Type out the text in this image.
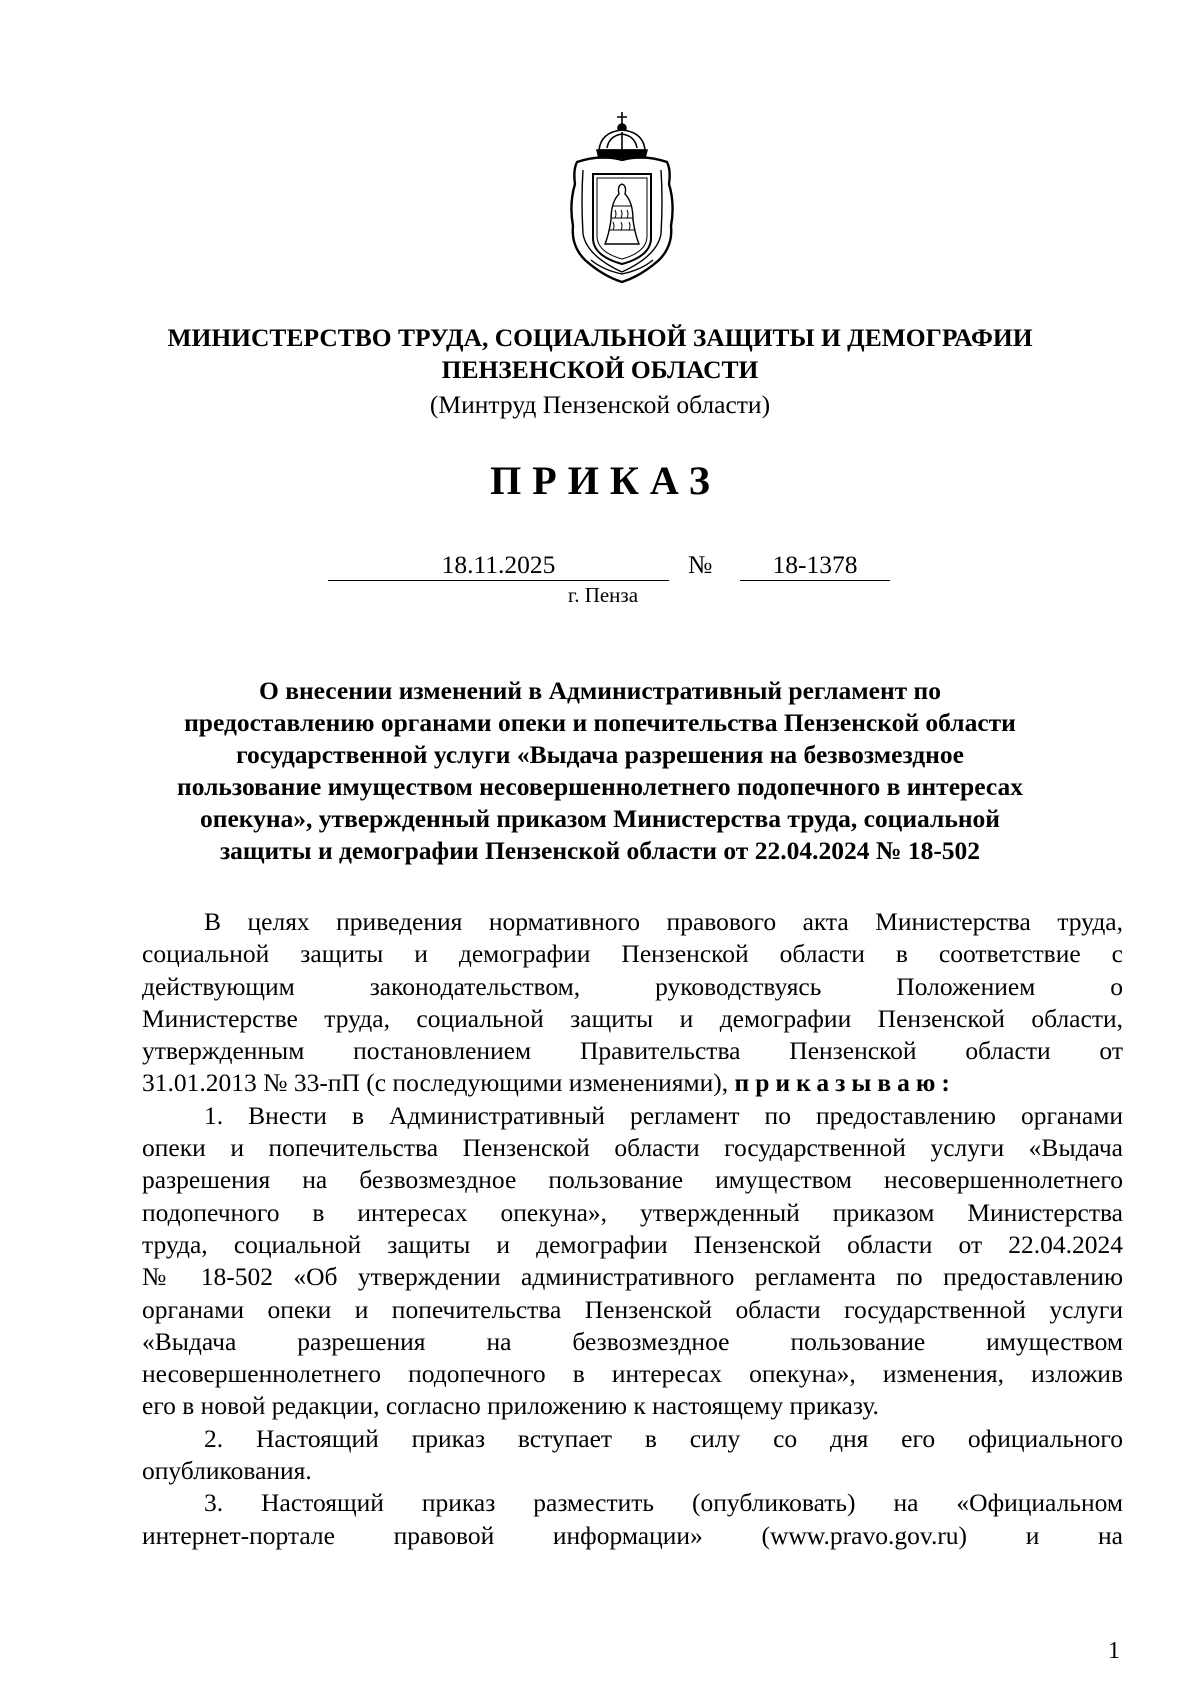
МИНИСТЕРСТВО ТРУДА, СОЦИАЛЬНОЙ ЗАЩИТЫ И ДЕМОГРАФИИ
ПЕНЗЕНСКОЙ ОБЛАСТИ
(Минтруд Пензенской области)
ПРИКАЗ
18.11.2025	№	18-1378
г. Пенза
О внесении изменений в Административный регламент по
предоставлению органами опеки и попечительства Пензенской области
государственной услуги «Выдача разрешения на безвозмездное
пользование имуществом несовершеннолетнего подопечного в интересах
опекуна», утвержденный приказом Министерства труда, социальной
защиты и демографии Пензенской области от 22.04.2024 № 18-502
В целях приведения нормативного правового акта Министерства труда,
социальной защиты и демографии Пензенской области в соответствие с
действующим законодательством, руководствуясь Положением о
Министерстве труда, социальной защиты и демографии Пензенской области,
утвержденным постановлением Правительства Пензенской области от
31.01.2013 № 33-пП (с последующими изменениями), приказываю:
1. Внести в Административный регламент по предоставлению органами
опеки и попечительства Пензенской области государственной услуги «Выдача
разрешения на безвозмездное пользование имуществом несовершеннолетнего
подопечного в интересах опекуна», утвержденный приказом Министерства
труда, социальной защиты и демографии Пензенской области от 22.04.2024
№ 18-502 «Об утверждении административного регламента по предоставлению
органами опеки и попечительства Пензенской области государственной услуги
«Выдача разрешения на безвозмездное пользование имуществом
несовершеннолетнего подопечного в интересах опекуна», изменения, изложив
его в новой редакции, согласно приложению к настоящему приказу.
2. Настоящий приказ вступает в силу со дня его официального
опубликования.
3. Настоящий приказ разместить (опубликовать) на «Официальном
интернет-портале правовой информации» (www.pravo.gov.ru) и на
1
